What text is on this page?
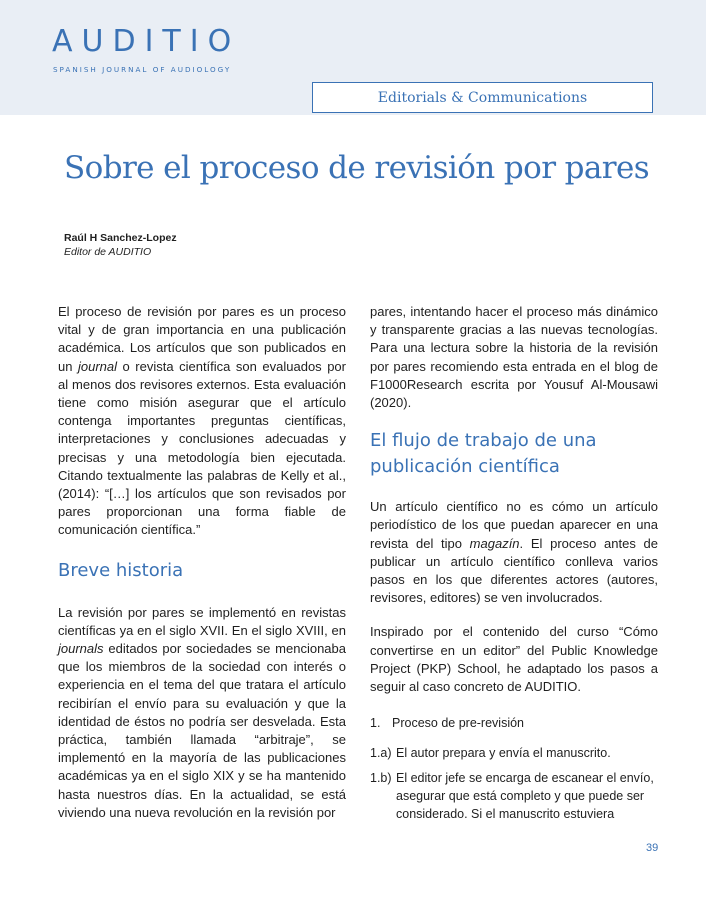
AUDITIO
SPANISH JOURNAL OF AUDIOLOGY
Editorials & Communications
Sobre el proceso de revisión por pares
Raúl H Sanchez-Lopez
Editor de AUDITIO

El proceso de revisión por pares es un proceso vital y de gran importancia en una publicación académica. Los artículos que son publicados en un journal o revista científica son evaluados por al menos dos revisores externos. Esta evaluación tiene como misión asegurar que el artículo contenga importantes preguntas científicas, interpretaciones y conclusiones adecuadas y precisas y una metodología bien ejecutada. Citando textualmente las palabras de Kelly et al., (2014): “[…] los artículos que son revisados por pares proporcionan una forma fiable de comunicación científica.”

Breve historia

La revisión por pares se implementó en revistas científicas ya en el siglo XVII. En el siglo XVIII, en journals editados por sociedades se mencionaba que los miembros de la sociedad con interés o experiencia en el tema del que tratara el artículo recibirían el envío para su evaluación y que la identidad de éstos no podría ser desvelada. Esta práctica, también llamada “arbitraje”, se implementó en la mayoría de las publicaciones académicas ya en el siglo XIX y se ha mantenido hasta nuestros días. En la actualidad, se está viviendo una nueva revolución en la revisión por

pares, intentando hacer el proceso más dinámico y transparente gracias a las nuevas tecnologías. Para una lectura sobre la historia de la revisión por pares recomiendo esta entrada en el blog de F1000Research escrita por Yousuf Al-Mousawi (2020).

El flujo de trabajo de una publicación científica

Un artículo científico no es cómo un artículo periodístico de los que puedan aparecer en una revista del tipo magazín. El proceso antes de publicar un artículo científico conlleva varios pasos en los que diferentes actores (autores, revisores, editores) se ven involucrados.

Inspirado por el contenido del curso “Cómo convertirse en un editor” del Public Knowledge Project (PKP) School, he adaptado los pasos a seguir al caso concreto de AUDITIO.

1. Proceso de pre-revisión

1.a) El autor prepara y envía el manuscrito.
1.b) El editor jefe se encarga de escanear el envío, asegurar que está completo y que puede ser considerado. Si el manuscrito estuviera
39
